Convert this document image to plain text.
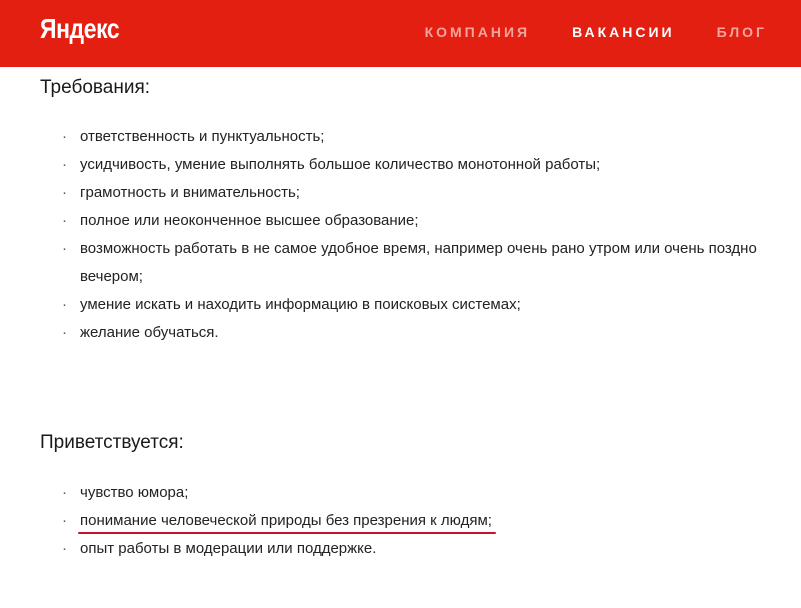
Яндекс	КОМПАНИЯ	ВАКАНСИИ	БЛОГ
Требования:
· ответственность и пунктуальность;
· усидчивость, умение выполнять большое количество монотонной работы;
· грамотность и внимательность;
· полное или неоконченное высшее образование;
· возможность работать в не самое удобное время, например очень рано утром или очень поздно вечером;
· умение искать и находить информацию в поисковых системах;
· желание обучаться.
Приветствуется:
· чувство юмора;
· понимание человеческой природы без презрения к людям;
· опыт работы в модерации или поддержке.
